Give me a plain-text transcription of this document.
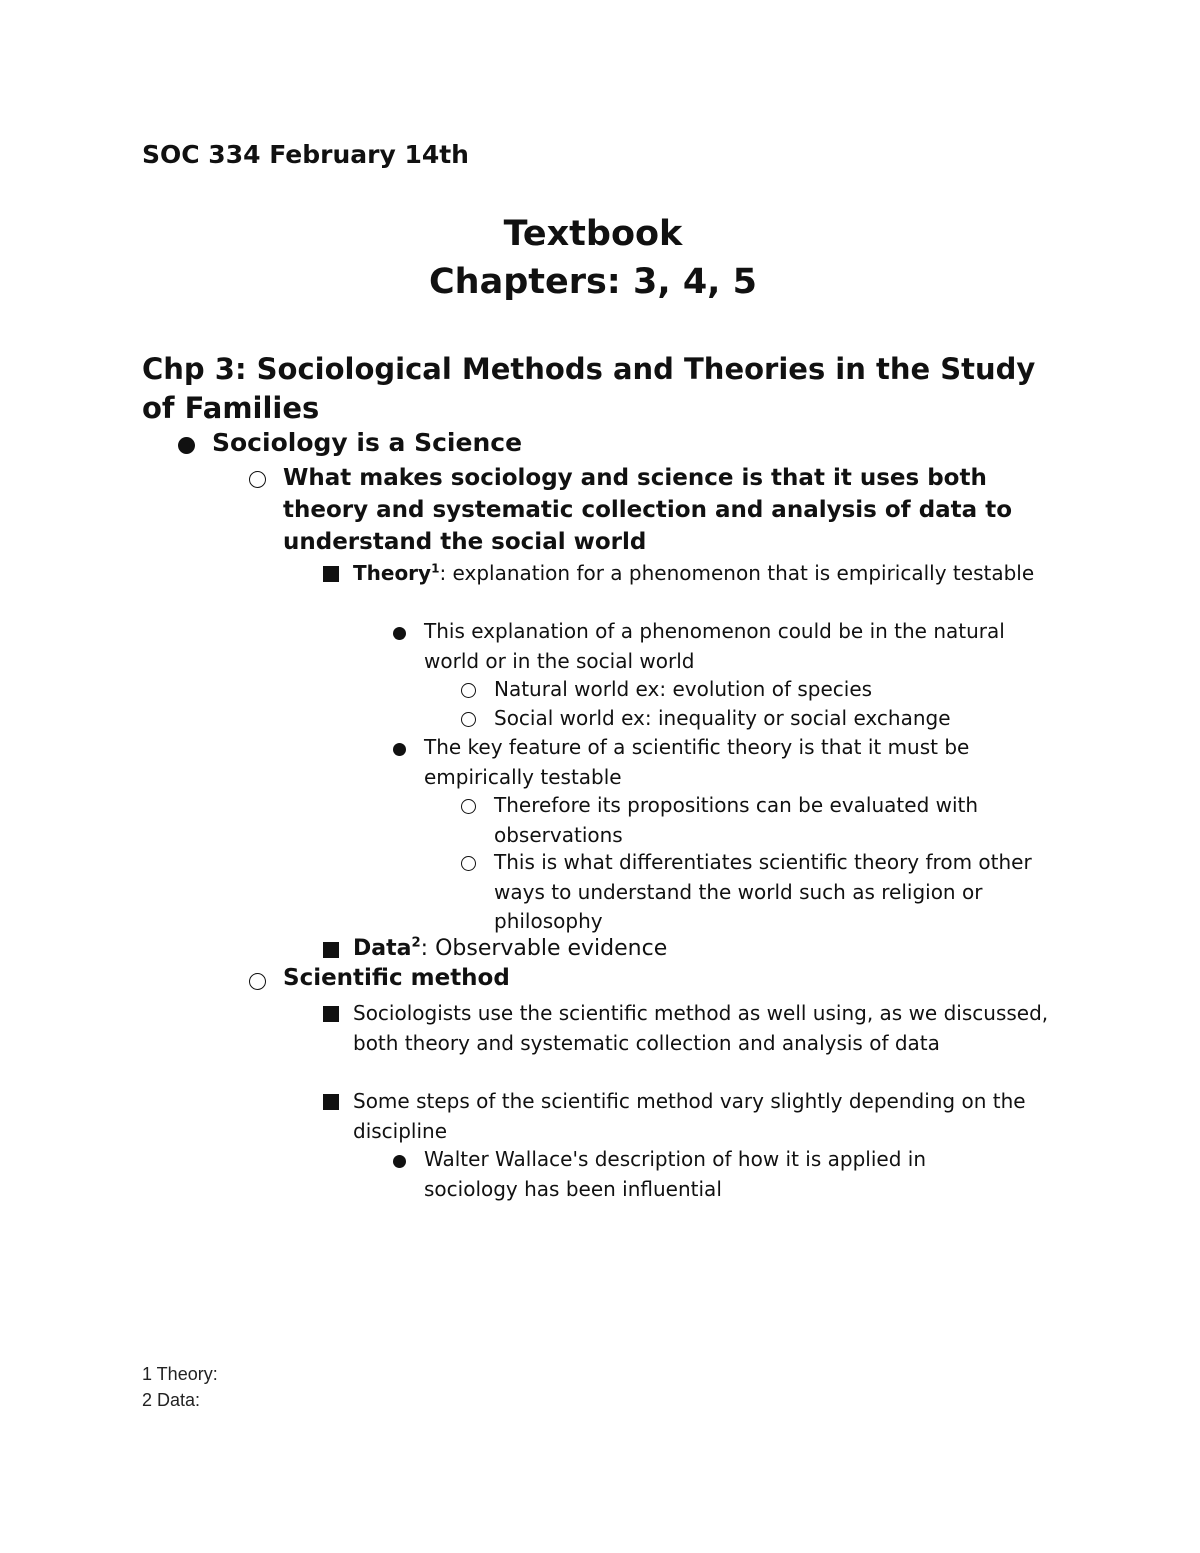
SOC 334 February 14th
Textbook
Chapters: 3, 4, 5
Chp 3: Sociological Methods and Theories in the Study of Families
Sociology is a Science
What makes sociology and science is that it uses both theory and systematic collection and analysis of data to understand the social world
Theory$^1$: explanation for a phenomenon that is empirically testable
This explanation of a phenomenon could be in the natural world or in the social world
Natural world ex: evolution of species
Social world ex: inequality or social exchange
The key feature of a scientific theory is that it must be empirically testable
Therefore its propositions can be evaluated with observations
This is what differentiates scientific theory from other ways to understand the world such as religion or philosophy
Data$^2$: Observable evidence
Scientific method
Sociologists use the scientific method as well using, as we discussed, both theory and systematic collection and analysis of data
Some steps of the scientific method vary slightly depending on the discipline
Walter Wallace's description of how it is applied in sociology has been influential
1 Theory:
2 Data:
